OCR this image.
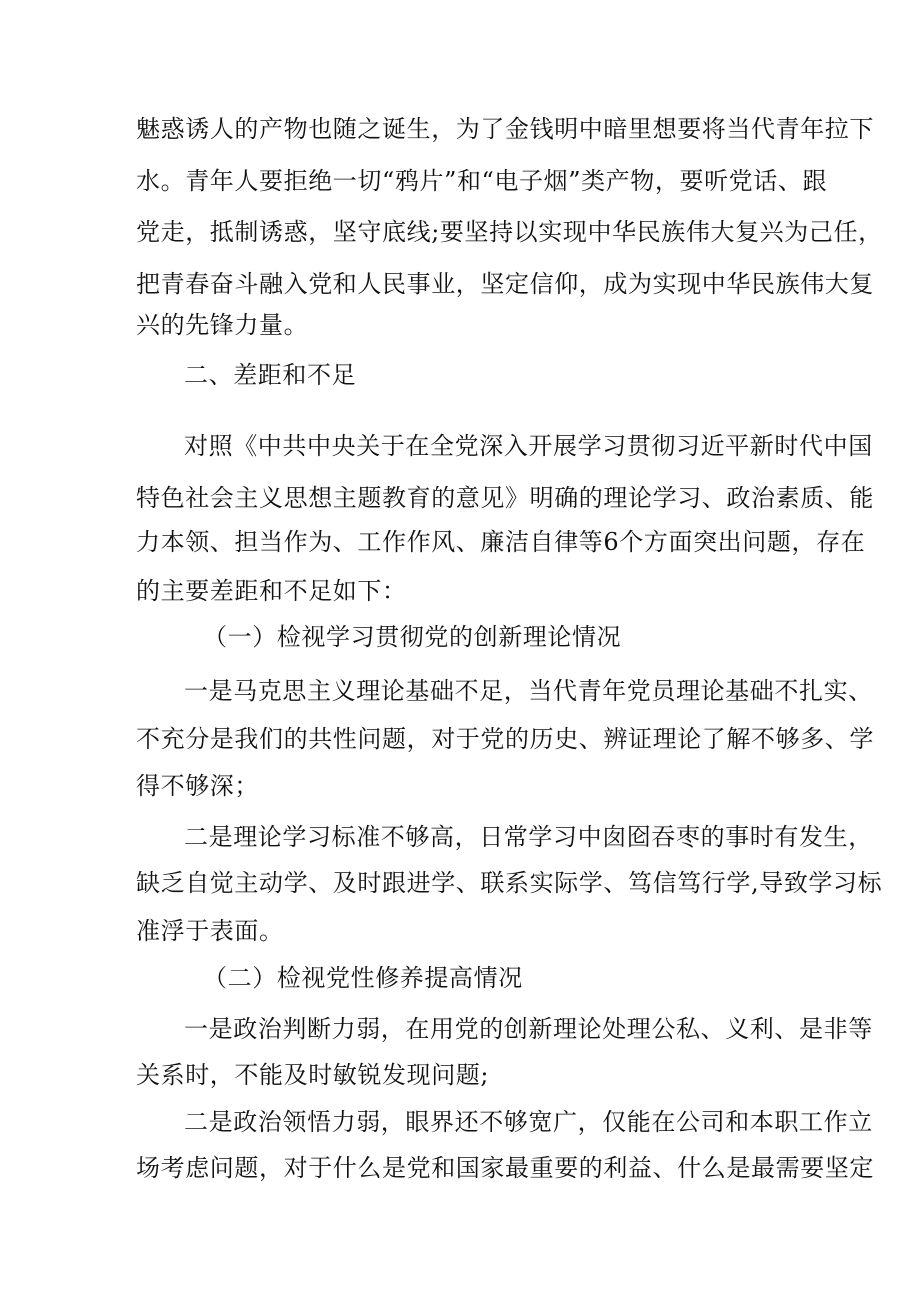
魅惑诱人的产物也随之诞生，为了金钱明中暗里想要将当代青年拉下
水。青年人要拒绝一切“鸦片”和“电子烟”类产物，要听党话、跟
党走，抵制诱惑，坚守底线;要坚持以实现中华民族伟大复兴为己任，
把青春奋斗融入党和人民事业，坚定信仰，成为实现中华民族伟大复
兴的先锋力量。
二、差距和不足
对照《中共中央关于在全党深入开展学习贯彻习近平新时代中国
特色社会主义思想主题教育的意见》明确的理论学习、政治素质、能
力本领、担当作为、工作作风、廉洁自律等6个方面突出问题，存在
的主要差距和不足如下：
（一）检视学习贯彻党的创新理论情况
一是马克思主义理论基础不足，当代青年党员理论基础不扎实、
不充分是我们的共性问题，对于党的历史、辨证理论了解不够多、学
得不够深；
二是理论学习标准不够高，日常学习中囱囵吞枣的事时有发生，
缺乏自觉主动学、及时跟进学、联系实际学、笃信笃行学,导致学习标
准浮于表面。
（二）检视党性修养提高情况
一是政治判断力弱，在用党的创新理论处理公私、义利、是非等
关系时，不能及时敏锐发现问题;
二是政治领悟力弱，眼界还不够宽广，仅能在公司和本职工作立
场考虑问题，对于什么是党和国家最重要的利益、什么是最需要坚定
